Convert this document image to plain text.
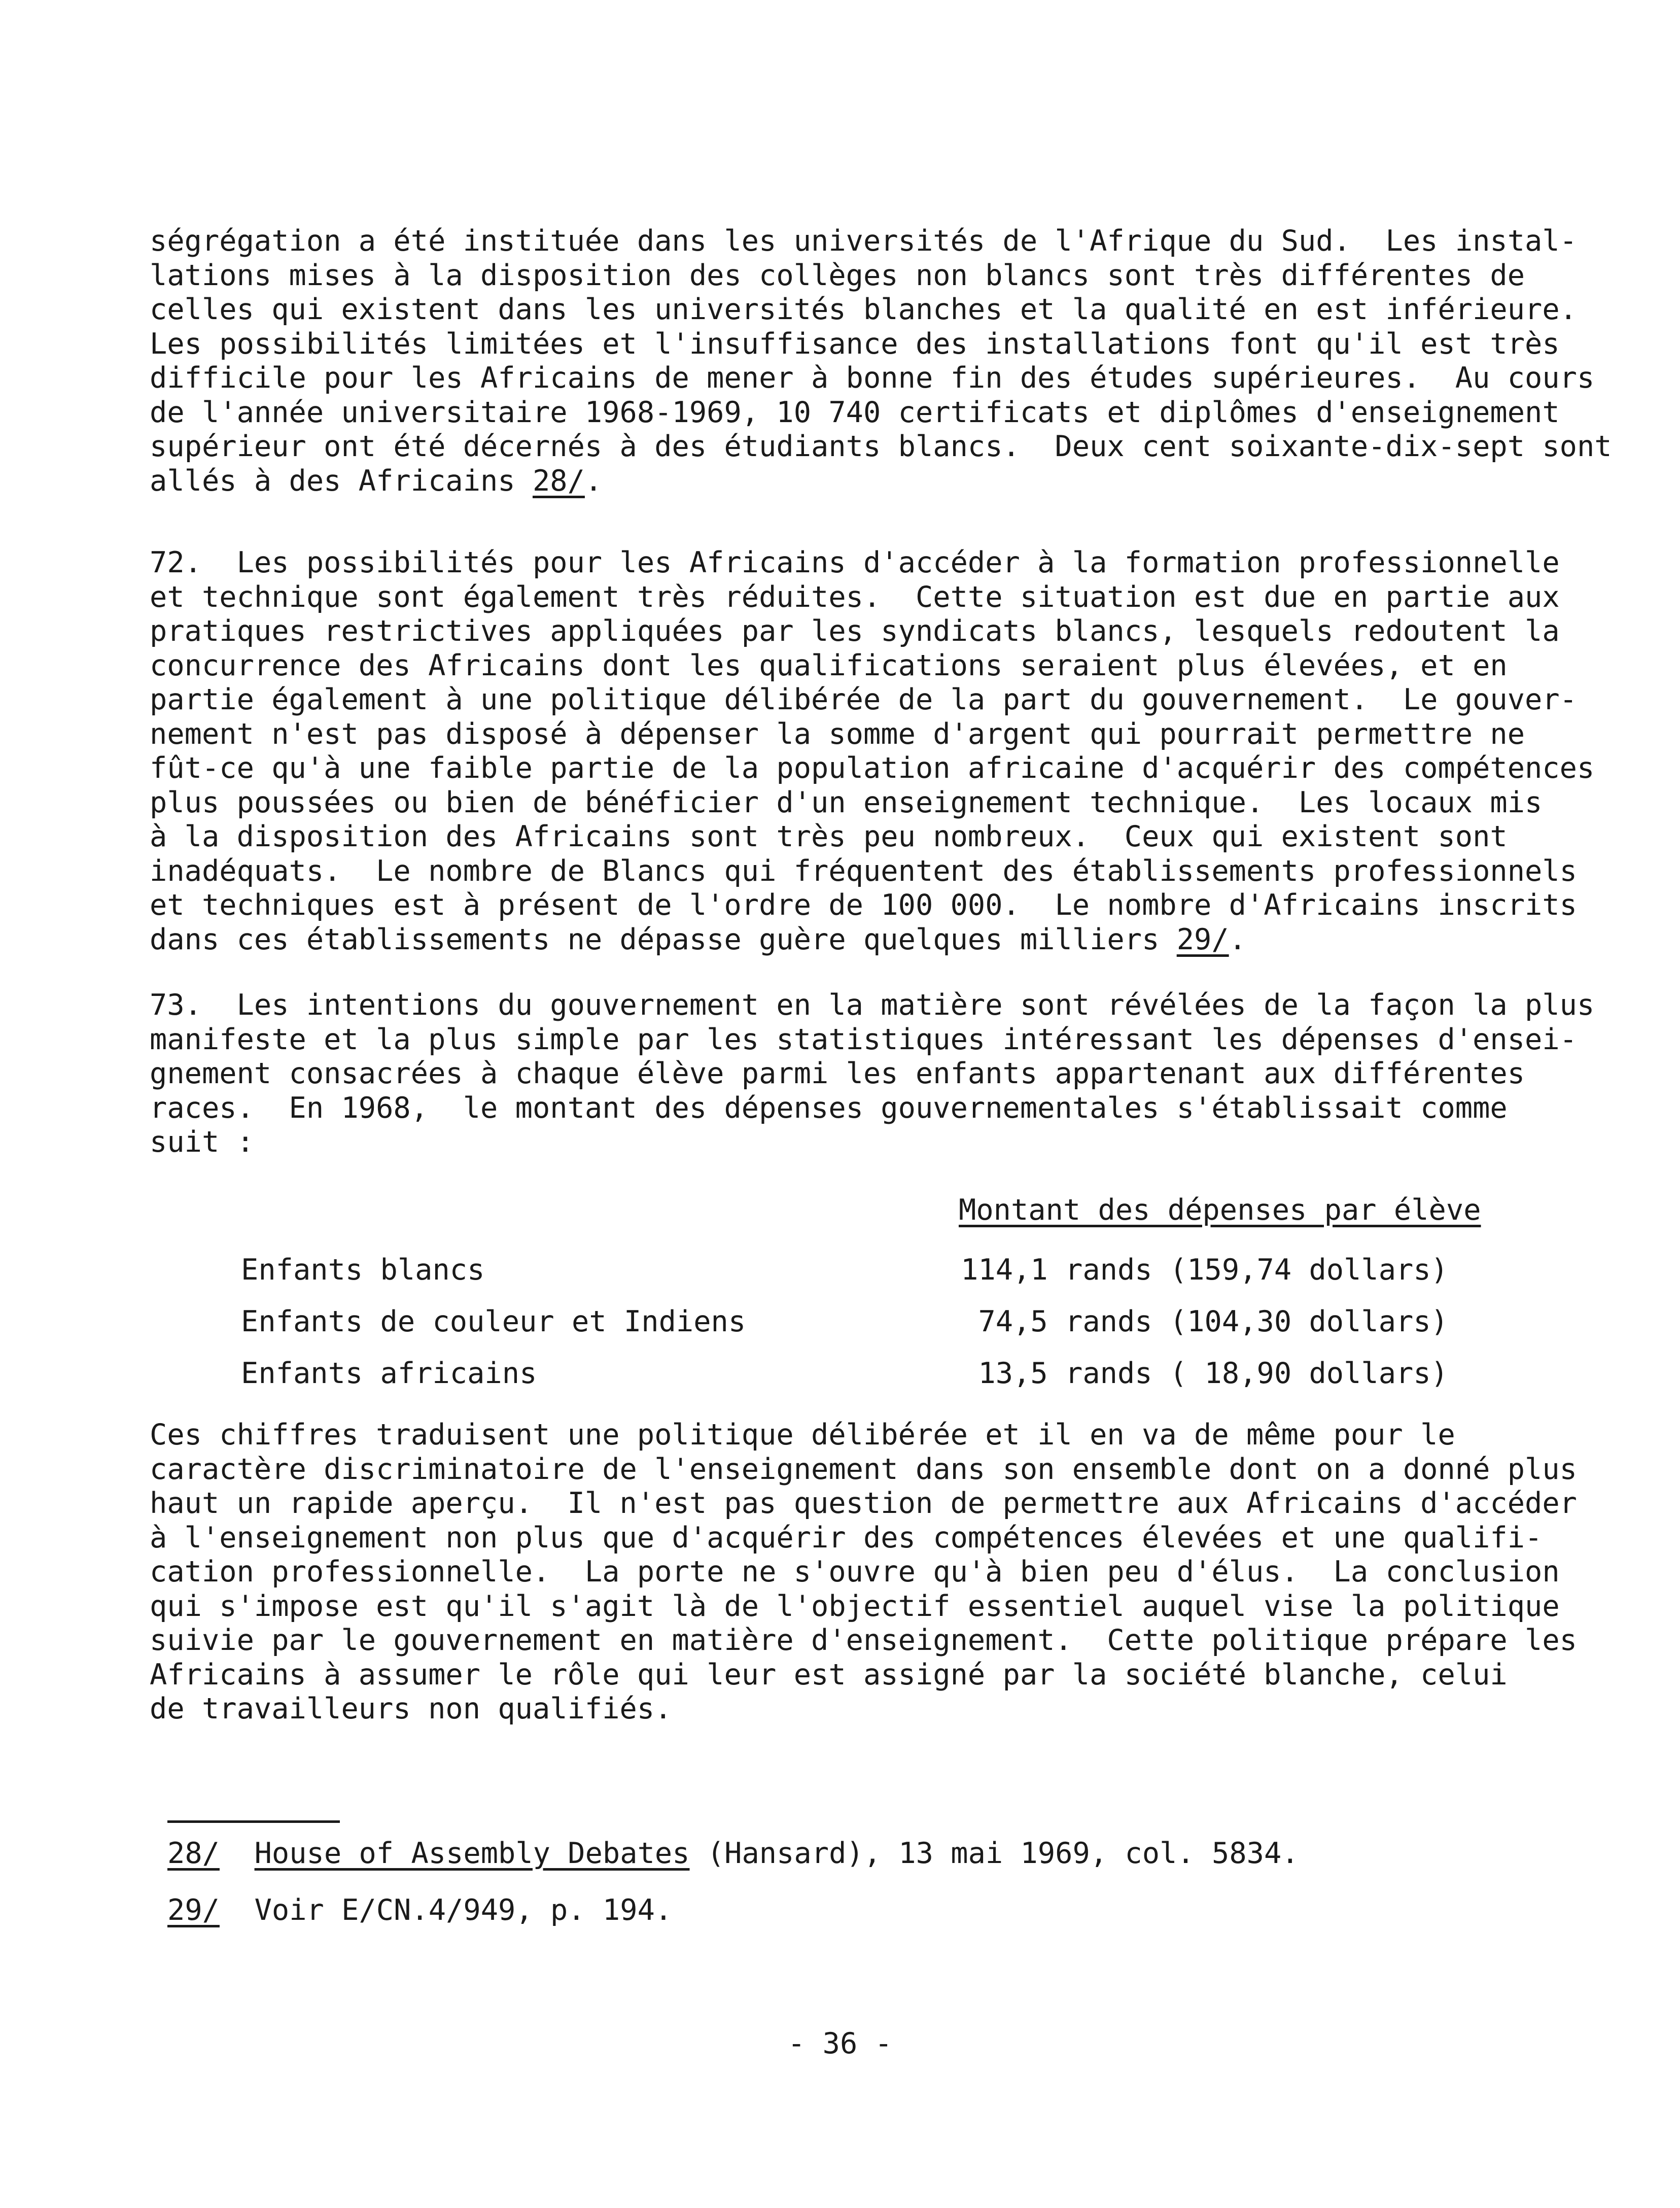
ségrégation a été instituée dans les universités de l'Afrique du Sud.  Les instal-
lations mises à la disposition des collèges non blancs sont très différentes de
celles qui existent dans les universités blanches et la qualité en est inférieure.
Les possibilités limitées et l'insuffisance des installations font qu'il est très
difficile pour les Africains de mener à bonne fin des études supérieures.  Au cours
de l'année universitaire 1968-1969, 10 740 certificats et diplômes d'enseignement
supérieur ont été décernés à des étudiants blancs.  Deux cent soixante-dix-sept sont
allés à des Africains 28/.
72.  Les possibilités pour les Africains d'accéder à la formation professionnelle
et technique sont également très réduites.  Cette situation est due en partie aux
pratiques restrictives appliquées par les syndicats blancs, lesquels redoutent la
concurrence des Africains dont les qualifications seraient plus élevées, et en
partie également à une politique délibérée de la part du gouvernement.  Le gouver-
nement n'est pas disposé à dépenser la somme d'argent qui pourrait permettre ne
fût-ce qu'à une faible partie de la population africaine d'acquérir des compétences
plus poussées ou bien de bénéficier d'un enseignement technique.  Les locaux mis
à la disposition des Africains sont très peu nombreux.  Ceux qui existent sont
inadéquats.  Le nombre de Blancs qui fréquentent des établissements professionnels
et techniques est à présent de l'ordre de 100 000.  Le nombre d'Africains inscrits
dans ces établissements ne dépasse guère quelques milliers 29/.
73.  Les intentions du gouvernement en la matière sont révélées de la façon la plus
manifeste et la plus simple par les statistiques intéressant les dépenses d'ensei-
gnement consacrées à chaque élève parmi les enfants appartenant aux différentes
races.  En 1968,  le montant des dépenses gouvernementales s'établissait comme
suit :
Montant des dépenses par élève
Enfants blancs	114,1 rands (159,74 dollars)
Enfants de couleur et Indiens	74,5 rands (104,30 dollars)
Enfants africains	13,5 rands ( 18,90 dollars)
Ces chiffres traduisent une politique délibérée et il en va de même pour le
caractère discriminatoire de l'enseignement dans son ensemble dont on a donné plus
haut un rapide aperçu.  Il n'est pas question de permettre aux Africains d'accéder
à l'enseignement non plus que d'acquérir des compétences élevées et une qualifi-
cation professionnelle.  La porte ne s'ouvre qu'à bien peu d'élus.  La conclusion
qui s'impose est qu'il s'agit là de l'objectif essentiel auquel vise la politique
suivie par le gouvernement en matière d'enseignement.  Cette politique prépare les
Africains à assumer le rôle qui leur est assigné par la société blanche, celui
de travailleurs non qualifiés.
28/ House of Assembly Debates (Hansard), 13 mai 1969, col. 5834.
29/ Voir E/CN.4/949, p. 194.
- 36 -
